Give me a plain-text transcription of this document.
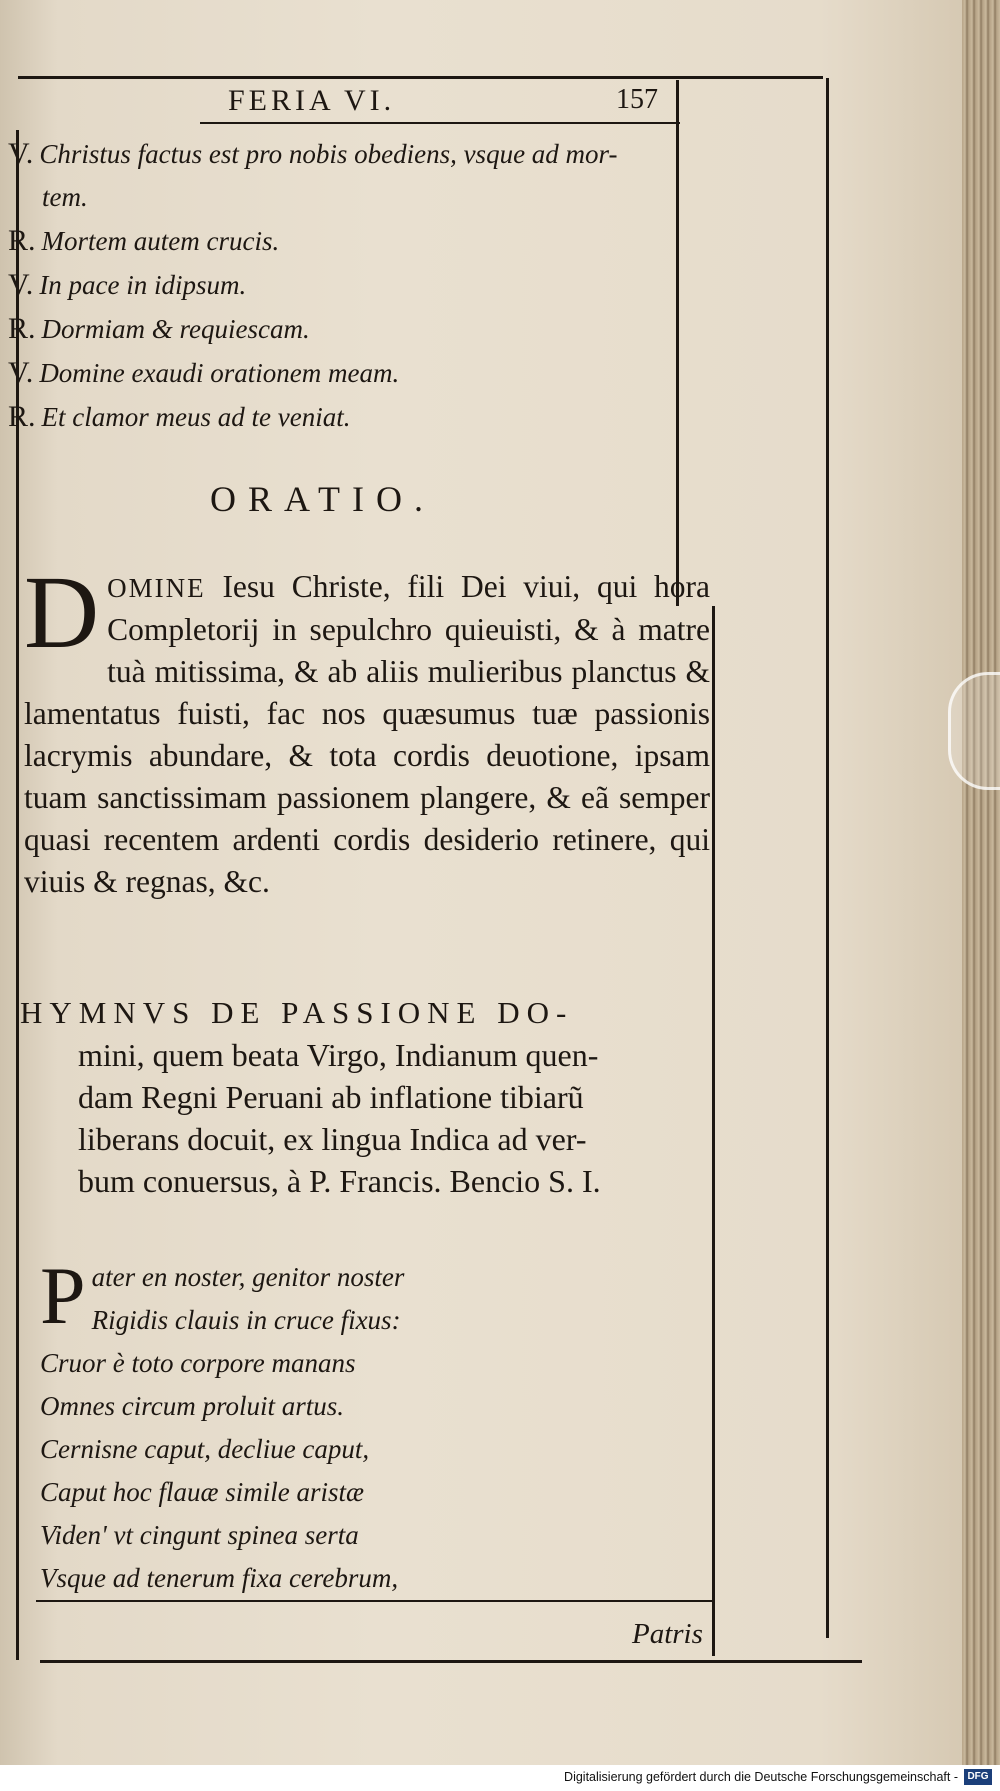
FERIA VI.	157
V. Christus factus est pro nobis obediens, vsque ad mor-
tem.
R. Mortem autem crucis.
V. In pace in idipsum.
R. Dormiam & requiescam.
V. Domine exaudi orationem meam.
R. Et clamor meus ad te veniat.
ORATIO.
DOMINE Iesu Christe, fili Dei viui, qui hora Completorij in sepulchro quieuisti, & à matre tuà mitissima, & ab aliis mulieribus planctus & lamentatus fuisti, fac nos quæsumus tuæ passionis lacrymis abundare, & tota cordis deuotione, ipsam tuam sanctissimam passionem plangere, & eã semper quasi recentem ardenti cordis desiderio retinere, qui viuis & regnas, &c.
HYMNVS DE PASSIONE DO-
mini, quem beata Virgo, Indianum quen-
dam Regni Peruani ab inflatione tibiarũ
liberans docuit, ex lingua Indica ad ver-
bum conuersus, à P. Francis. Bencio S. I.
P ater en noster, genitor noster
Rigidis clauis in cruce fixus:
Cruor è toto corpore manans
Omnes circum proluit artus.
Cernisne caput, decliue caput,
Caput hoc flauæ simile aristæ
Viden' vt cingunt spinea serta
Vsque ad tenerum fixa cerebrum,
Patris
Digitalisierung gefördert durch die Deutsche Forschungsgemeinschaft - DFG
